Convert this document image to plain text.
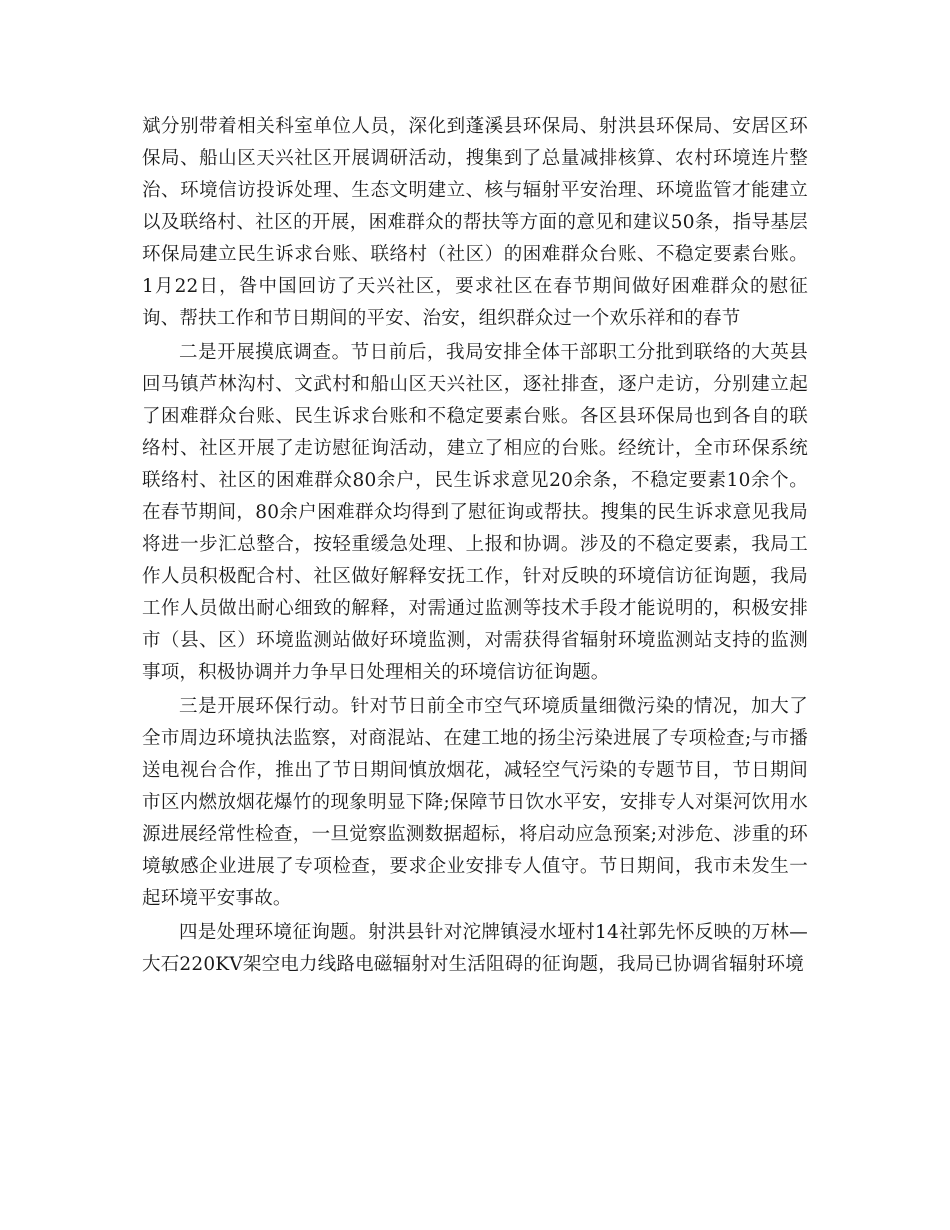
斌分别带着相关科室单位人员，深化到蓬溪县环保局、射洪县环保局、安居区环保局、船山区天兴社区开展调研活动，搜集到了总量减排核算、农村环境连片整治、环境信访投诉处理、生态文明建立、核与辐射平安治理、环境监管才能建立以及联络村、社区的开展，困难群众的帮扶等方面的意见和建议50条，指导基层环保局建立民生诉求台账、联络村（社区）的困难群众台账、不稳定要素台账。1月22日，昝中国回访了天兴社区，要求社区在春节期间做好困难群众的慰征询、帮扶工作和节日期间的平安、治安，组织群众过一个欢乐祥和的春节

二是开展摸底调查。节日前后，我局安排全体干部职工分批到联络的大英县回马镇芦林沟村、文武村和船山区天兴社区，逐社排查，逐户走访，分别建立起了困难群众台账、民生诉求台账和不稳定要素台账。各区县环保局也到各自的联络村、社区开展了走访慰征询活动，建立了相应的台账。经统计，全市环保系统联络村、社区的困难群众80余户，民生诉求意见20余条，不稳定要素10余个。在春节期间，80余户困难群众均得到了慰征询或帮扶。搜集的民生诉求意见我局将进一步汇总整合，按轻重缓急处理、上报和协调。涉及的不稳定要素，我局工作人员积极配合村、社区做好解释安抚工作，针对反映的环境信访征询题，我局工作人员做出耐心细致的解释，对需通过监测等技术手段才能说明的，积极安排市（县、区）环境监测站做好环境监测，对需获得省辐射环境监测站支持的监测事项，积极协调并力争早日处理相关的环境信访征询题。

三是开展环保行动。针对节日前全市空气环境质量细微污染的情况，加大了全市周边环境执法监察，对商混站、在建工地的扬尘污染进展了专项检查;与市播送电视台合作，推出了节日期间慎放烟花，减轻空气污染的专题节目，节日期间市区内燃放烟花爆竹的现象明显下降;保障节日饮水平安，安排专人对渠河饮用水源进展经常性检查，一旦觉察监测数据超标，将启动应急预案;对涉危、涉重的环境敏感企业进展了专项检查，要求企业安排专人值守。节日期间，我市未发生一起环境平安事故。

四是处理环境征询题。射洪县针对沱牌镇浸水垭村14社郭先怀反映的万林—大石220KV架空电力线路电磁辐射对生活阻碍的征询题，我局已协调省辐射环境
